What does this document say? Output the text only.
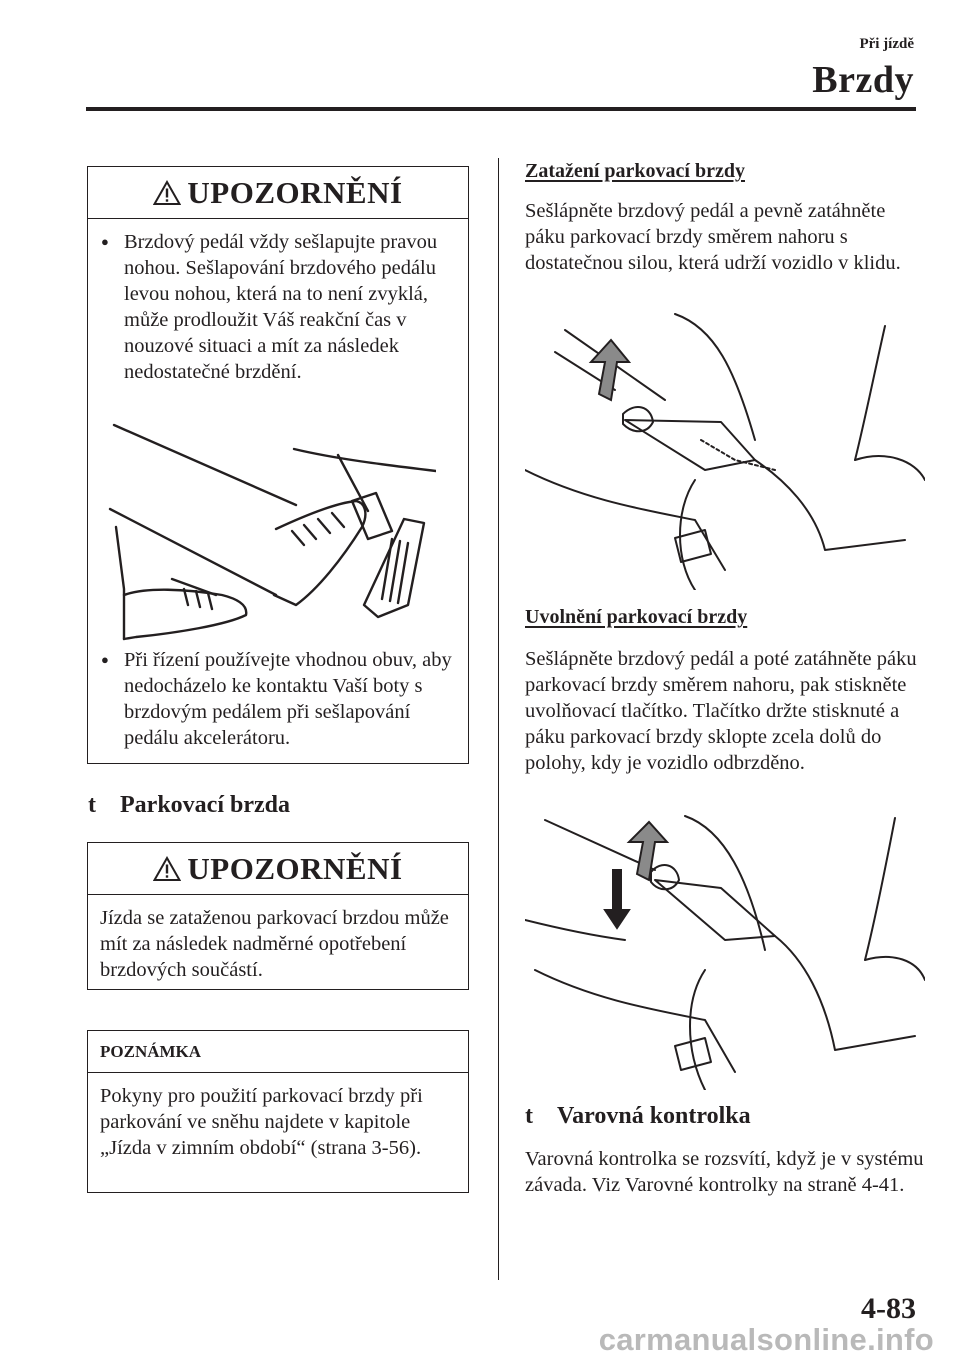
Při jízdě
Brzdy
UPOZORNĚNÍ
● Brzdový pedál vždy sešlapujte pravou nohou. Sešlapování brzdového pedálu levou nohou, která na to není zvyklá, může prodloužit Váš reakční čas v nouzové situaci a mít za následek nedostatečné brzdění.
● Při řízení používejte vhodnou obuv, aby nedocházelo ke kontaktu Vaší boty s brzdovým pedálem při sešlapování pedálu akcelerátoru.
t Parkovací brzda
UPOZORNĚNÍ
Jízda se zataženou parkovací brzdou může mít za následek nadměrné opotřebení brzdových součástí.
POZNÁMKA
Pokyny pro použití parkovací brzdy při parkování ve sněhu najdete v kapitole „Jízda v zimním období“ (strana 3-56).
Zatažení parkovací brzdy
Sešlápněte brzdový pedál a pevně zatáhněte páku parkovací brzdy směrem nahoru s dostatečnou silou, která udrží vozidlo v klidu.
Uvolnění parkovací brzdy
Sešlápněte brzdový pedál a poté zatáhněte páku parkovací brzdy směrem nahoru, pak stiskněte uvolňovací tlačítko. Tlačítko držte stisknuté a páku parkovací brzdy sklopte zcela dolů do polohy, kdy je vozidlo odbrzděno.
t Varovná kontrolka
Varovná kontrolka se rozsvítí, když je v systému závada. Viz Varovné kontrolky na straně 4-41.
4-83
carmanualsonline.info
